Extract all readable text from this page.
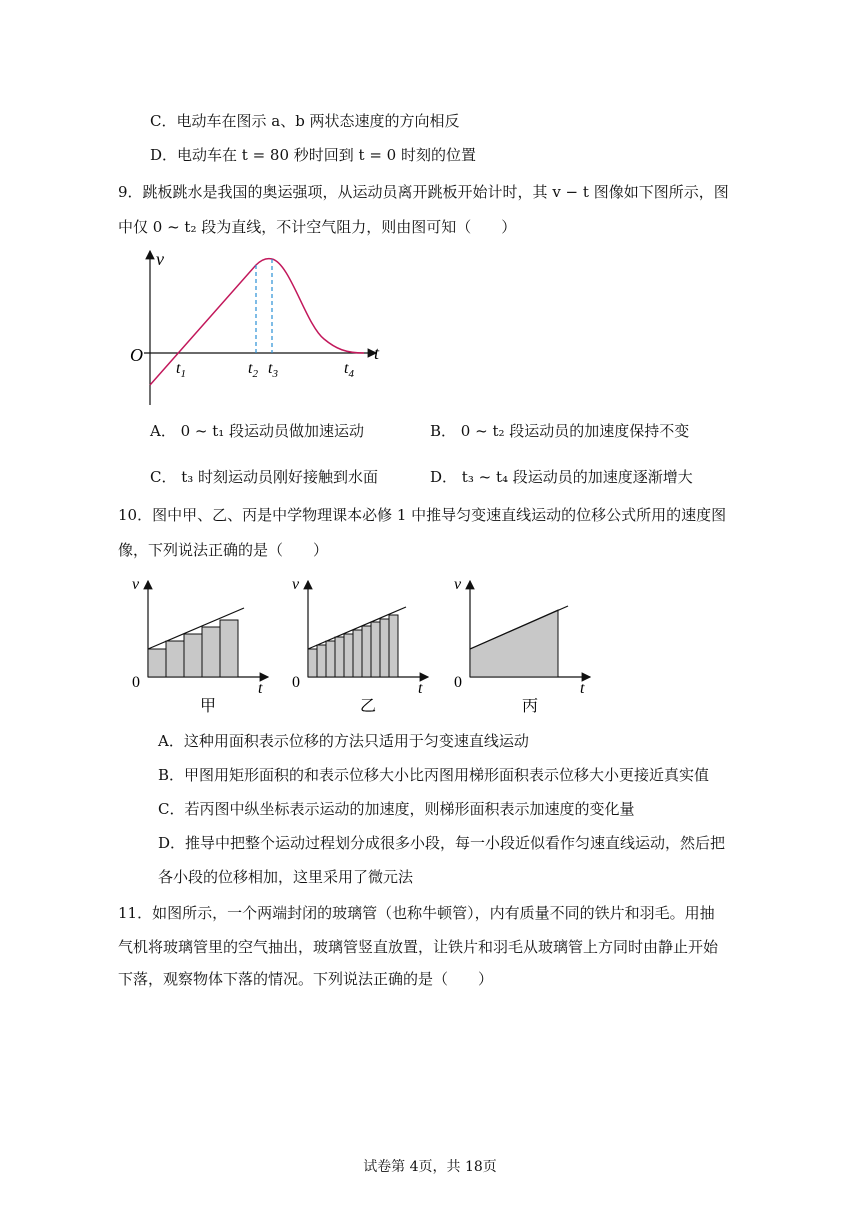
C．电动车在图示 a、b 两状态速度的方向相反
D．电动车在 t = 80 秒时回到 t = 0 时刻的位置
9．跳板跳水是我国的奥运强项，从运动员离开跳板开始计时，其 v − t 图像如下图所示，图
中仅 0 ~ t₂ 段为直线，不计空气阻力，则由图可知（　　）
v
t
O
$t_1$	$t_2$ $t_3$	$t_4$
A． 0 ~ t₁ 段运动员做加速运动	B． 0 ~ t₂ 段运动员的加速度保持不变
C． t₃ 时刻运动员刚好接触到水面	D． t₃ ~ t₄ 段运动员的加速度逐渐增大
10．图中甲、乙、丙是中学物理课本必修 1 中推导匀变速直线运动的位移公式所用的速度图
像，下列说法正确的是（　　）
v
t
0
甲
v
t
0
乙
v
t
0
丙
A．这种用面积表示位移的方法只适用于匀变速直线运动
B．甲图用矩形面积的和表示位移大小比丙图用梯形面积表示位移大小更接近真实值
C．若丙图中纵坐标表示运动的加速度，则梯形面积表示加速度的变化量
D．推导中把整个运动过程划分成很多小段，每一小段近似看作匀速直线运动，然后把
各小段的位移相加，这里采用了微元法
11．如图所示，一个两端封闭的玻璃管（也称牛顿管），内有质量不同的铁片和羽毛。用抽
气机将玻璃管里的空气抽出，玻璃管竖直放置，让铁片和羽毛从玻璃管上方同时由静止开始
下落，观察物体下落的情况。下列说法正确的是（　　）
试卷第 4页，共 18页
